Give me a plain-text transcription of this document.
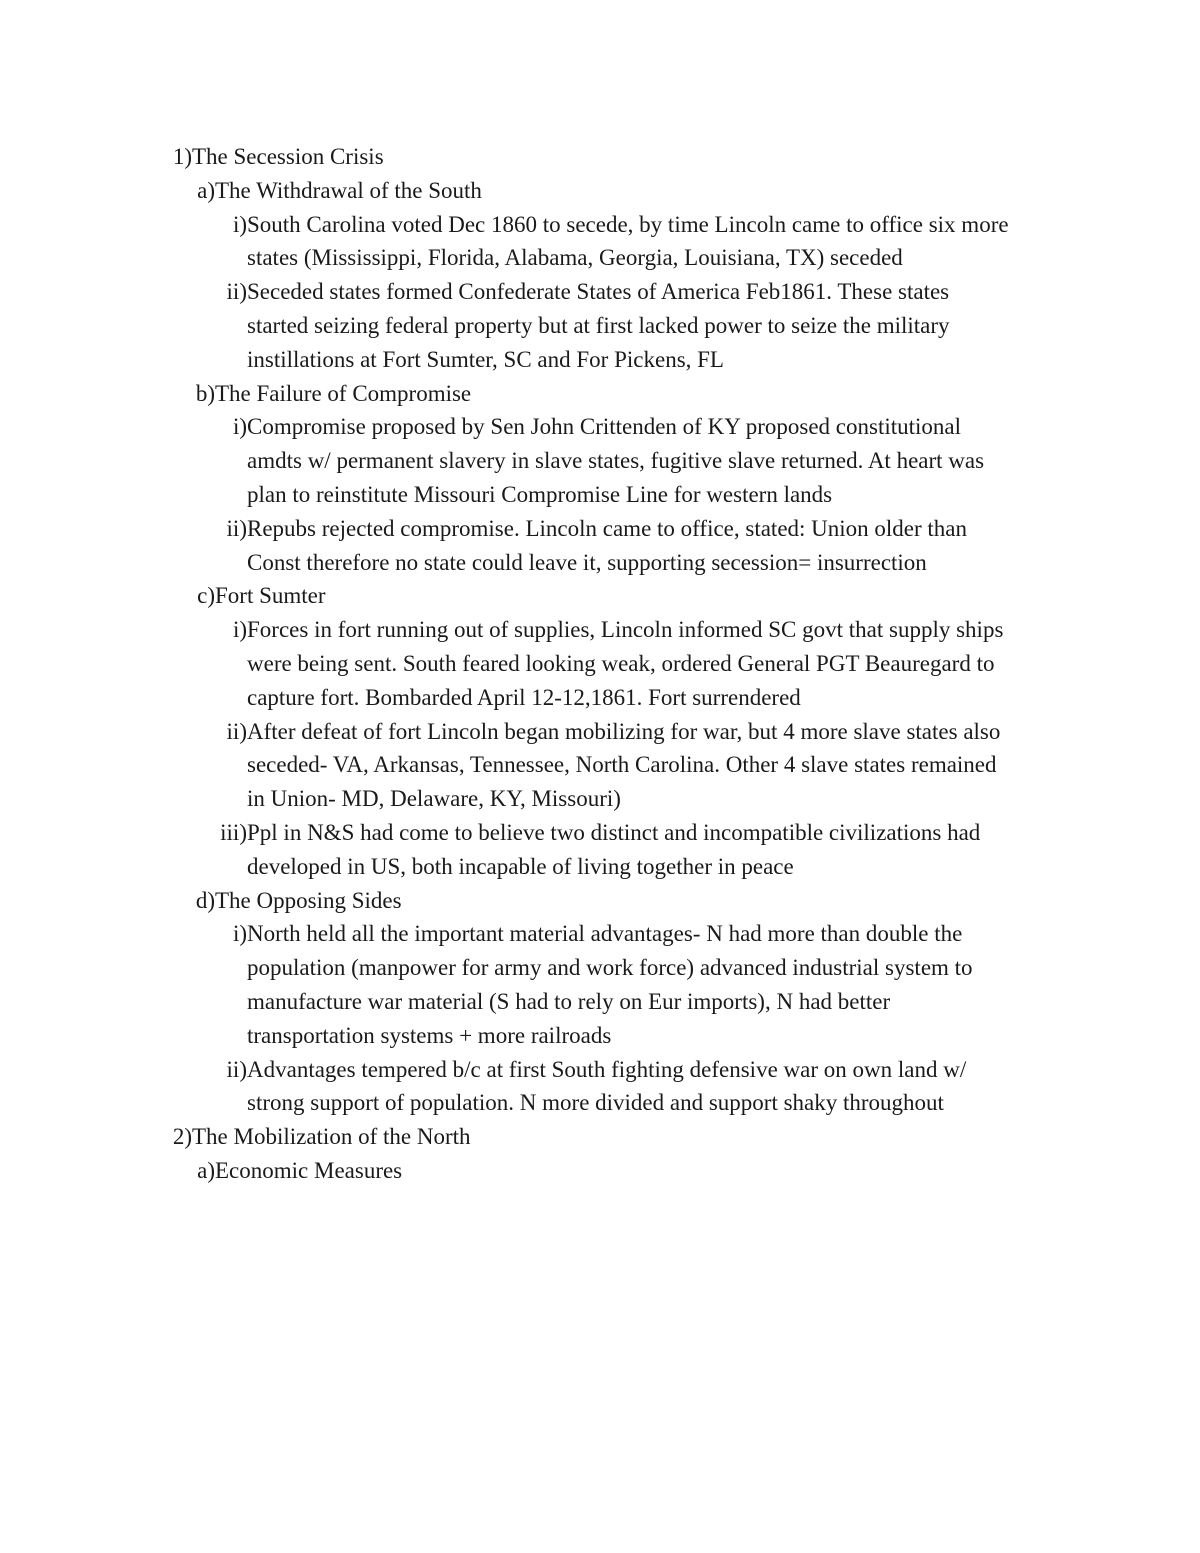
1) The Secession Crisis
a) The Withdrawal of the South
i) South Carolina voted Dec 1860 to secede, by time Lincoln came to office six more states (Mississippi, Florida, Alabama, Georgia, Louisiana, TX) seceded
ii) Seceded states formed Confederate States of America Feb1861. These states started seizing federal property but at first lacked power to seize the military instillations at Fort Sumter, SC and For Pickens, FL
b) The Failure of Compromise
i) Compromise proposed by Sen John Crittenden of KY proposed constitutional amdts w/ permanent slavery in slave states, fugitive slave returned. At heart was plan to reinstitute Missouri Compromise Line for western lands
ii) Repubs rejected compromise. Lincoln came to office, stated: Union older than Const therefore no state could leave it, supporting secession= insurrection
c) Fort Sumter
i) Forces in fort running out of supplies, Lincoln informed SC govt that supply ships were being sent. South feared looking weak, ordered General PGT Beauregard to capture fort. Bombarded April 12-12,1861. Fort surrendered
ii) After defeat of fort Lincoln began mobilizing for war, but 4 more slave states also seceded- VA, Arkansas, Tennessee, North Carolina. Other 4 slave states remained in Union- MD, Delaware, KY, Missouri)
iii) Ppl in N&S had come to believe two distinct and incompatible civilizations had developed in US, both incapable of living together in peace
d) The Opposing Sides
i) North held all the important material advantages- N had more than double the population (manpower for army and work force) advanced industrial system to manufacture war material (S had to rely on Eur imports), N had better transportation systems + more railroads
ii) Advantages tempered b/c at first South fighting defensive war on own land w/ strong support of population. N more divided and support shaky throughout
2) The Mobilization of the North
a) Economic Measures
